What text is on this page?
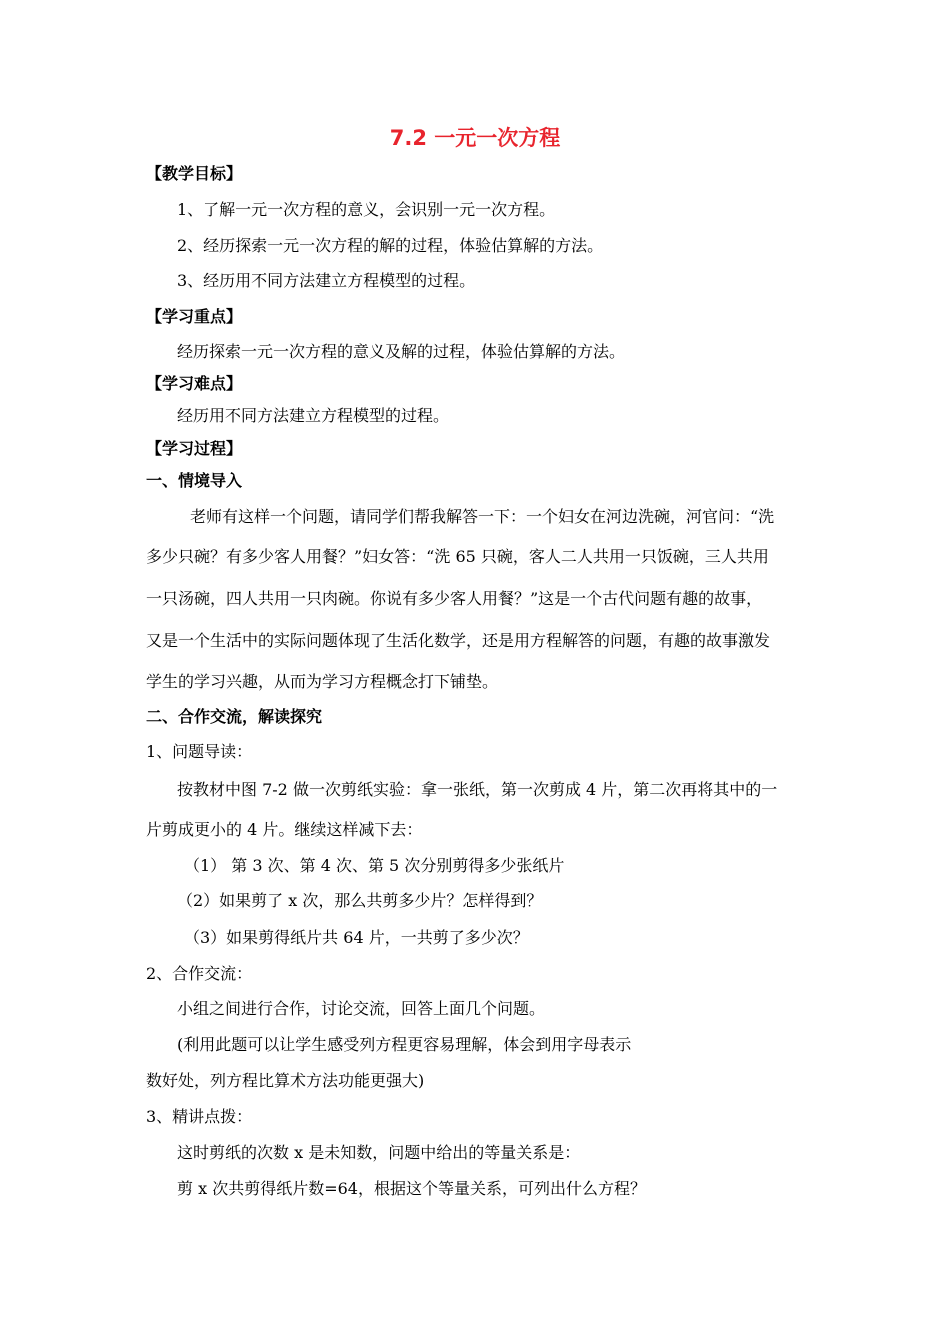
7.2 一元一次方程
【教学目标】
1、了解一元一次方程的意义，会识别一元一次方程。
2、经历探索一元一次方程的解的过程，体验估算解的方法。
3、经历用不同方法建立方程模型的过程。
【学习重点】
经历探索一元一次方程的意义及解的过程，体验估算解的方法。
【学习难点】
经历用不同方法建立方程模型的过程。
【学习过程】
一、情境导入
老师有这样一个问题，请同学们帮我解答一下：一个妇女在河边洗碗，河官问：“洗
多少只碗？有多少客人用餐？”妇女答：“洗 65 只碗，客人二人共用一只饭碗，三人共用
一只汤碗，四人共用一只肉碗。你说有多少客人用餐？”这是一个古代问题有趣的故事，
又是一个生活中的实际问题体现了生活化数学，还是用方程解答的问题，有趣的故事激发
学生的学习兴趣，从而为学习方程概念打下铺垫。
二、合作交流，解读探究
1、问题导读：
按教材中图 7-2 做一次剪纸实验：拿一张纸，第一次剪成 4 片，第二次再将其中的一
片剪成更小的 4 片。继续这样减下去：
（1） 第 3 次、第 4 次、第 5 次分别剪得多少张纸片
（2）如果剪了 x 次，那么共剪多少片？怎样得到？
（3）如果剪得纸片共 64 片，一共剪了多少次？
2、合作交流：
小组之间进行合作，讨论交流，回答上面几个问题。
(利用此题可以让学生感受列方程更容易理解，体会到用字母表示
数好处，列方程比算术方法功能更强大)
3、精讲点拨：
这时剪纸的次数 x 是未知数，问题中给出的等量关系是：
剪 x 次共剪得纸片数=64，根据这个等量关系，可列出什么方程？
